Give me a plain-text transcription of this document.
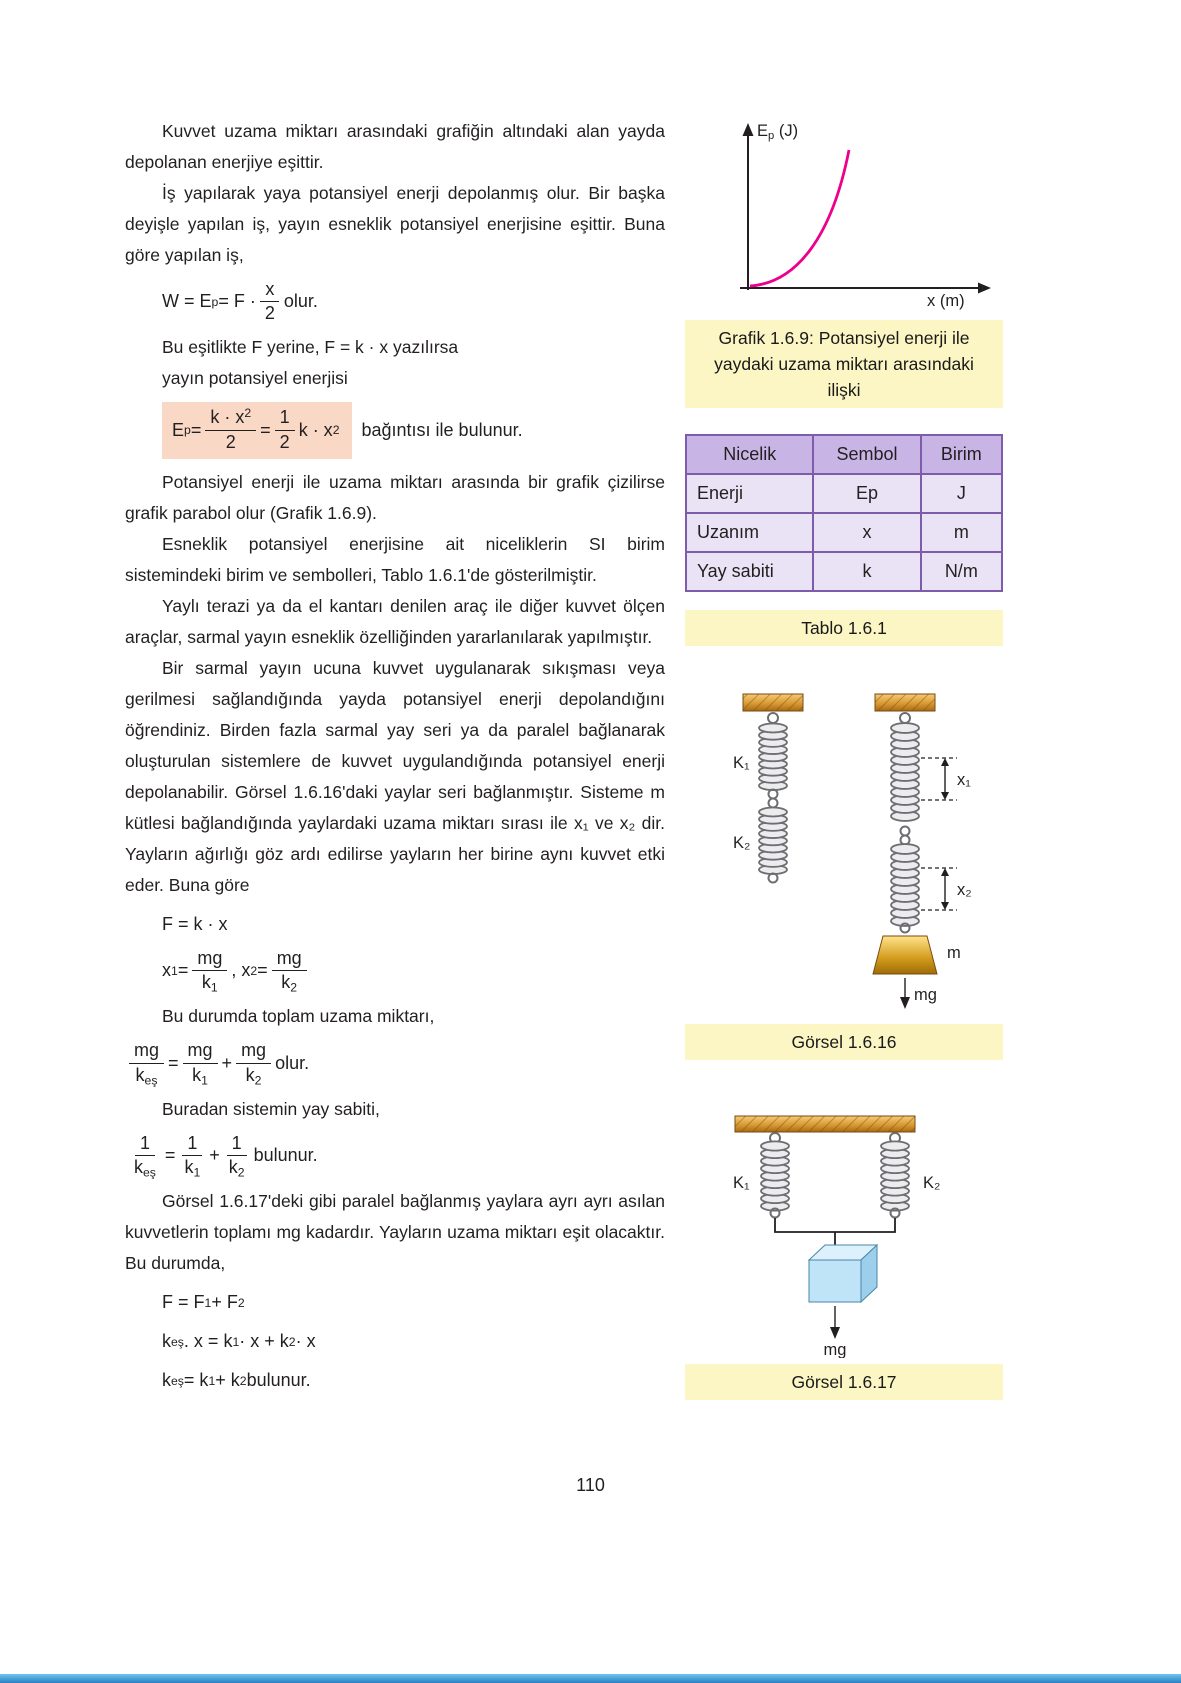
Kuvvet uzama miktarı arasındaki grafiğin altındaki alan yayda depolanan enerjiye eşittir.

İş yapılarak yaya potansiyel enerji depolanmış olur. Bir başka deyişle yapılan iş, yayın esneklik potansiyel enerjisine eşittir. Buna göre yapılan iş,

W = E $p = F \cdot \frac{x}{2}$ olur.

Bu eşitlikte F yerine, F = k · x yazılırsa

yayın potansiyel enerjisi

E $p = \frac{k \cdot x^2}{2} = \frac{1}{2}$ k · x 2 bağıntısı ile bulunur.

Potansiyel enerji ile uzama miktarı arasında bir grafik çizilirse grafik parabol olur (Grafik 1.6.9).

Esneklik potansiyel enerjisine ait niceliklerin SI birim sistemindeki birim ve sembolleri, Tablo 1.6.1'de gösterilmiştir.

Yaylı terazi ya da el kantarı denilen araç ile diğer kuvvet ölçen araçlar, sarmal yayın esneklik özelliğinden yararlanılarak yapılmıştır.

Bir sarmal yayın ucuna kuvvet uygulanarak sıkışması veya gerilmesi sağlandığında yayda potansiyel enerji depolandığını öğrendiniz. Birden fazla sarmal yay seri ya da paralel bağlanarak oluşturulan sistemlere de kuvvet uygulandığında potansiyel enerji depolanabilir. Görsel 1.6.16'daki yaylar seri bağlanmıştır. Sisteme m kütlesi bağlandığında yaylardaki uzama miktarı sırası ile x₁ ve x₂ dir. Yayların ağırlığı göz ardı edilirse yayların her birine aynı kuvvet etki eder. Buna göre

F = k · x
x $1 = \frac{mg}{k_1}$ , x $2 = \frac{mg}{k_2}$

Bu durumda toplam uzama miktarı,

$\frac{mg}{k_{eş}} = \frac{mg}{k_1} + \frac{mg}{k_2}$ olur.

Buradan sistemin yay sabiti,

$\frac{1}{k_{eş}} = \frac{1}{k_1} + \frac{1}{k_2}$ bulunur.

Görsel 1.6.17'deki gibi paralel bağlanmış yaylara ayrı ayrı asılan kuvvetlerin toplamı mg kadardır. Yayların uzama miktarı eşit olacaktır. Bu durumda,

F = F 1 + F 2
k eş . x = k 1 · x + k 2 · x
k eş = k 1 + k 2 bulunur.
$E_p$ (J)
x (m)
Grafik 1.6.9: Potansiyel enerji ile yaydaki uzama miktarı arasındaki ilişki
Nicelik	Sembol	Birim
Enerji	Ep	J
Uzanım	x	m
Yay sabiti	k	N/m
Tablo 1.6.1
K₁
K₂
x₁
x₂
m
mg
Görsel 1.6.16
K₁	K₂
mg
Görsel 1.6.17
110
